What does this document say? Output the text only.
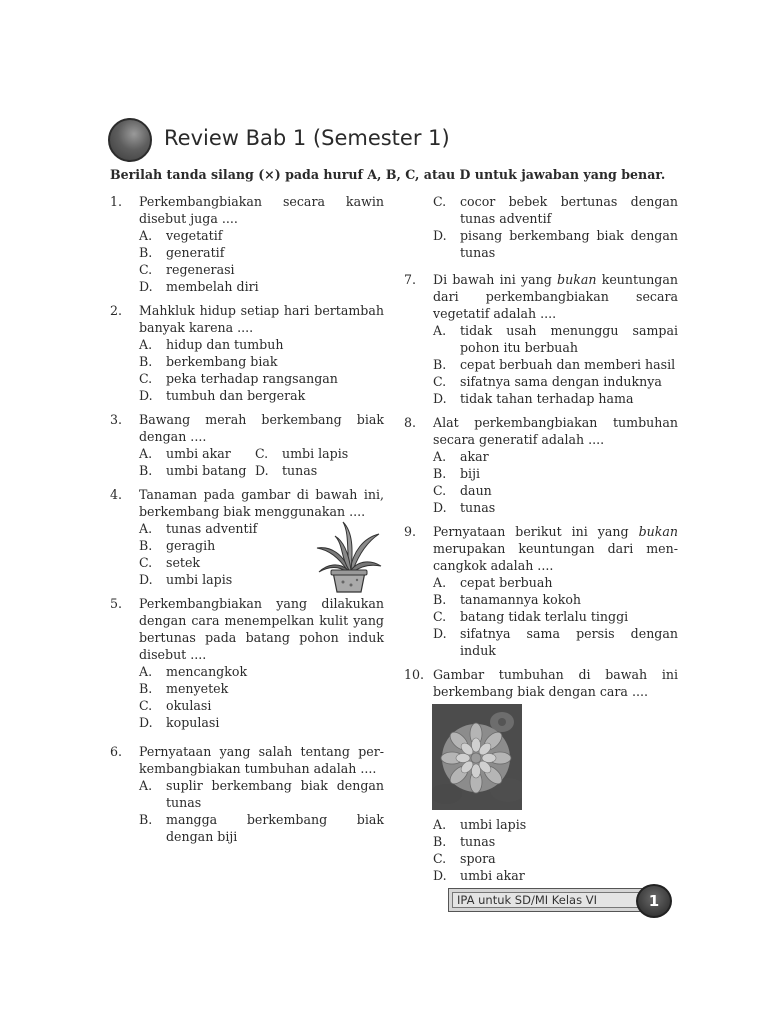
Review Bab 1 (Semester 1)
Berilah tanda silang (×) pada huruf A, B, C, atau D untuk jawaban yang benar.
1. Perkembangbiakan secara kawin disebut juga ....
A. vegetatif
B. generatif
C. regenerasi
D. membelah diri
2. Mahkluk hidup setiap hari bertambah banyak karena ....
A. hidup dan tumbuh
B. berkembang biak
C. peka terhadap rangsangan
D. tumbuh dan bergerak
3. Bawang merah berkembang biak dengan ....
A. umbi akar	C. umbi lapis
B. umbi batang D. tunas
4. Tanaman pada gambar di bawah ini, berkembang biak menggunakan ....
A. tunas adventif
B. geragih
C. setek
D. umbi lapis
5. Perkembangbiakan yang dilakukan dengan cara menempelkan kulit yang bertunas pada batang pohon induk disebut ....
A. mencangkok
B. menyetek
C. okulasi
D. kopulasi
6. Pernyataan yang salah tentang per-kembangbiakan tumbuhan adalah ....
A. suplir berkembang biak dengan tunas
B. mangga berkembang biak dengan biji
C. cocor bebek bertunas dengan tunas adventif
D. pisang berkembang biak dengan tunas
7. Di bawah ini yang bukan keuntungan dari perkembangbiakan secara vegetatif adalah ....
A. tidak usah menunggu sampai pohon itu berbuah
B. cepat berbuah dan memberi hasil
C. sifatnya sama dengan induknya
D. tidak tahan terhadap hama
8. Alat perkembangbiakan tumbuhan secara generatif adalah ....
A. akar
B. biji
C. daun
D. tunas
9. Pernyataan berikut ini yang bukan merupakan keuntungan dari men-cangkok adalah ....
A. cepat berbuah
B. tanamannya kokoh
C. batang tidak terlalu tinggi
D. sifatnya sama persis dengan induk
10. Gambar tumbuhan di bawah ini berkembang biak dengan cara ....
A. umbi lapis
B. tunas
C. spora
D. umbi akar
IPA untuk SD/MI Kelas VI	1
